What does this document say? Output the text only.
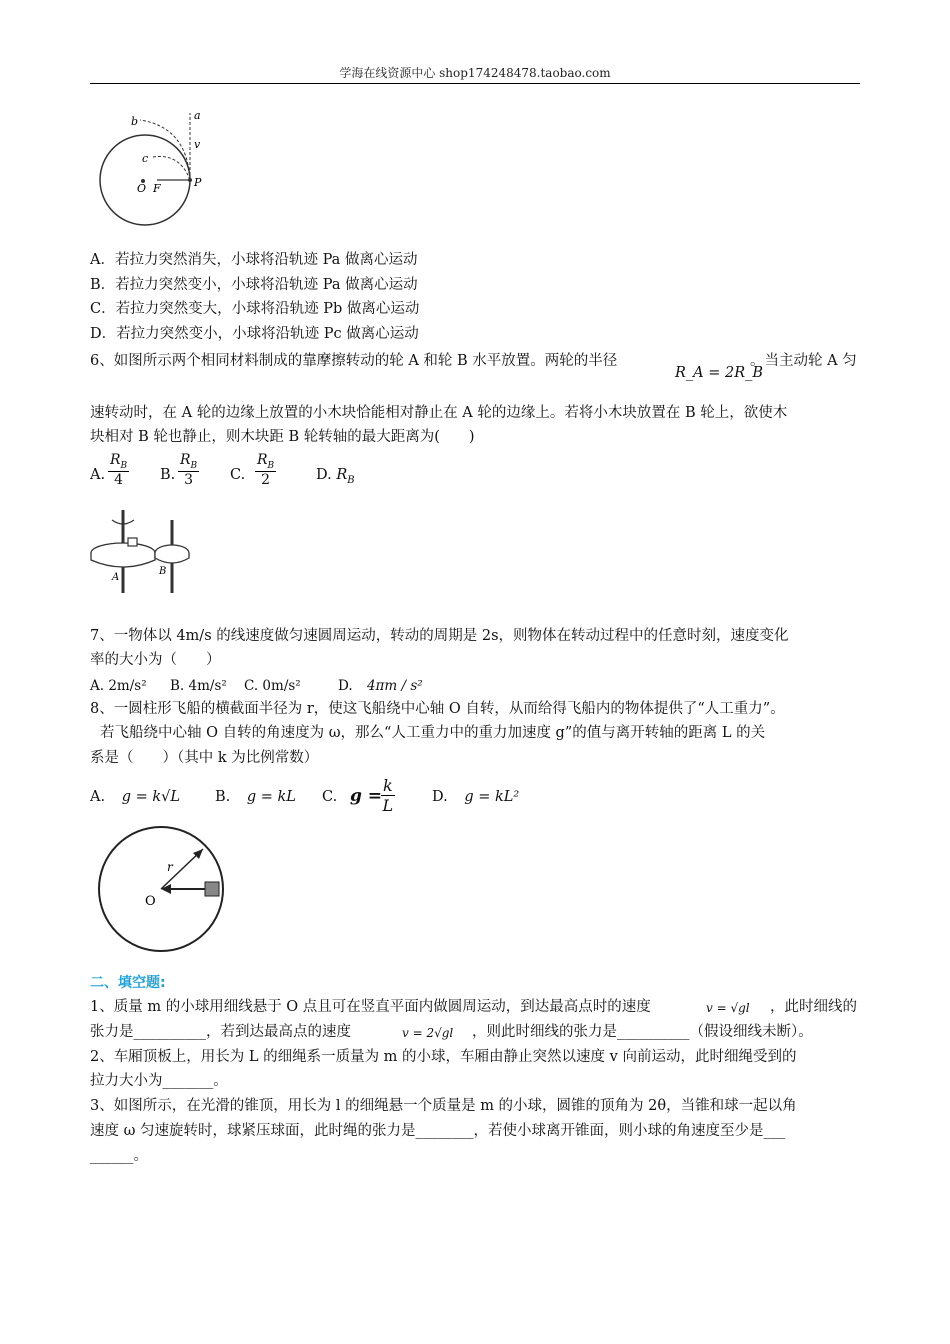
学海在线资源中心 shop174248478.taobao.com
a
b
c
v
O F	P
A．若拉力突然消失，小球将沿轨迹 Pa 做离心运动
B．若拉力突然变小，小球将沿轨迹 Pa 做离心运动
C．若拉力突然变大，小球将沿轨迹 Pb 做离心运动
D．若拉力突然变小，小球将沿轨迹 Pc 做离心运动
6、如图所示两个相同材料制成的靠摩擦转动的轮 A 和轮 B 水平放置。两轮的半径
R_A = 2R_B
。当主动轮 A 匀
速转动时，在 A 轮的边缘上放置的小木块恰能相对静止在 A 轮的边缘上。若将小木块放置在 B 轮上，欲使木
块相对 B 轮也静止，则木块距 B 轮转轴的最大距离为(　　)
A. $\frac{R_B}{4} B$. $\frac{R_B}{3} C$. $\frac{R_B}{2}$	D. $R_B$
A
B
7、一物体以 4m/s 的线速度做匀速圆周运动，转动的周期是 2s，则物体在转动过程中的任意时刻，速度变化
率的大小为（　　）
A. 2m/s² B. 4m/s² C. 0m/s²	D. 4πm / s²
8、一圆柱形飞船的横截面半径为 r，使这飞船绕中心轴 O 自转，从而给得飞船内的物体提供了“人工重力”。
若飞船绕中心轴 O 自转的角速度为 ω，那么“人工重力中的重力加速度 g”的值与离开转轴的距离 L 的关
系是（　　）（其中 k 为比例常数）
A. g = k√L B. g = kL C. g =
$\frac{k}{L}$	D. g = kL²
r
O
二、填空题:
1、质量 m 的小球用细线悬于 O 点且可在竖直平面内做圆周运动，到达最高点时的速度	v = √gl ，此时细线的
张力是__________，若到达最高点的速度	v = 2√gl ，则此时细线的张力是__________（假设细线未断）。
2、车厢顶板上，用长为 L 的细绳系一质量为 m 的小球，车厢由静止突然以速度 v 向前运动，此时细绳受到的
拉力大小为_______。
3、如图所示，在光滑的锥顶，用长为 l 的细绳悬一个质量是 m 的小球，圆锥的顶角为 2θ，当锥和球一起以角
速度 ω 匀速旋转时，球紧压球面，此时绳的张力是________，若使小球离开锥面，则小球的角速度至少是___
______。
